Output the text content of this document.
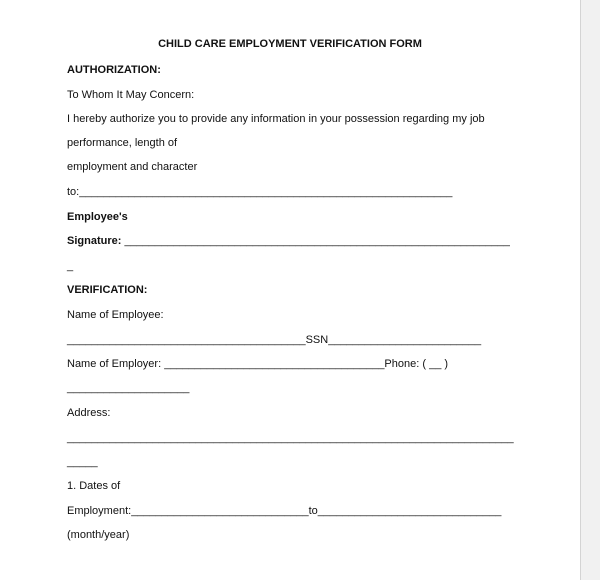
CHILD CARE EMPLOYMENT VERIFICATION FORM
AUTHORIZATION:
To Whom It May Concern:
I hereby authorize you to provide any information in your possession regarding my job
performance, length of
employment and character
to:_____________________________________________________________
Employee's
Signature: _______________________________________________________________
_
VERIFICATION:
Name of Employee:
_______________________________________SSN_________________________
Name of Employer: ____________________________________Phone: ( __ )
____________________
Address:
_________________________________________________________________________
_____
1. Dates of
Employment:_____________________________to______________________________
(month/year)
